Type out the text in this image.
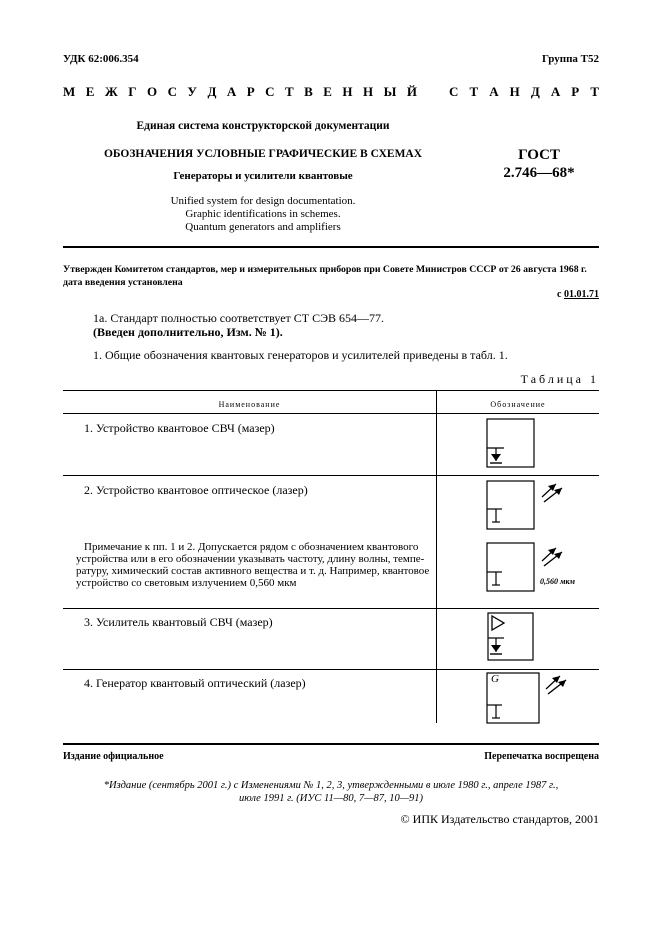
УДК 62:006.354	Группа Т52
М Е Ж Г О С У Д А Р С Т В Е Н Н Ы Й С Т А Н Д А Р Т
Единая система конструкторской документации
ОБОЗНАЧЕНИЯ УСЛОВНЫЕ ГРАФИЧЕСКИЕ В СХЕМАХ
Генераторы и усилители квантовые
Unified system for design documentation.
Graphic identifications in schemes.
Quantum generators and amplifiers
ГОСТ
2.746—68*
Утвержден Комитетом стандартов, мер и измерительных приборов при Совете Министров СССР от 26 августа 1968 г.
дата введения установлена
с 01.01.71
1а. Стандарт полностью соответствует СТ СЭВ 654—77.
(Введен дополнительно, Изм. № 1).
1. Общие обозначения квантовых генераторов и усилителей приведены в табл. 1.
Таблица 1
Наименование	Обозначение
1. Устройство квантовое СВЧ (мазер)
2. Устройство квантовое оптическое (лазер)
Примечание к пп. 1 и 2. Допускается рядом с обозначением квантового
устройства или в его обозначении указывать частоту, длину волны, темпе-
ратуру, химический состав активного вещества и т. д. Например, квантовое
устройство со световым излучением 0,560 мкм
3. Усилитель квантовый СВЧ (мазер)
4. Генератор квантовый оптический (лазер)
0,560 мкм
G
Издание официальное	Перепечатка воспрещена
*Издание (сентябрь 2001 г.) с Изменениями № 1, 2, 3, утвержденными в июле 1980 г., апреле 1987 г.,
июле 1991 г. (ИУС 11—80, 7—87, 10—91)
© ИПК Издательство стандартов, 2001
